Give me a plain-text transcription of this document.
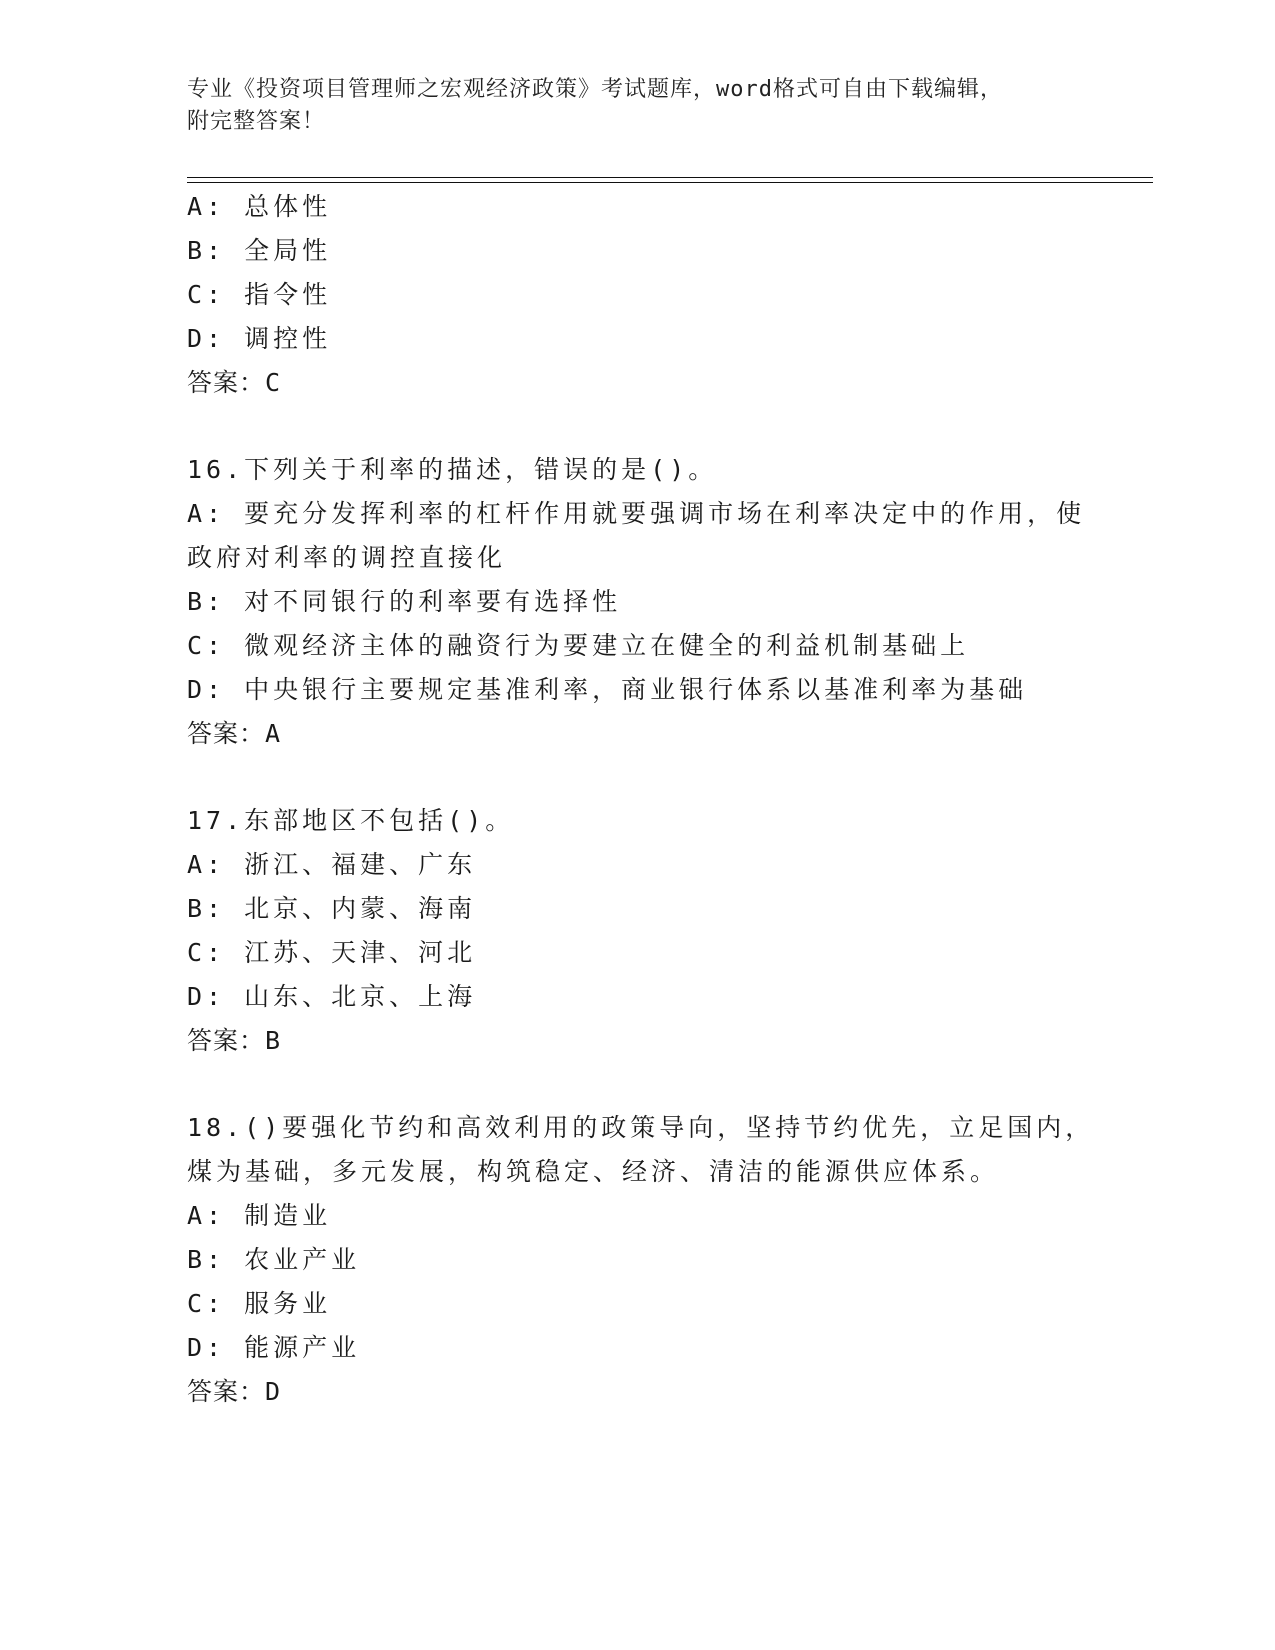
专业《投资项目管理师之宏观经济政策》考试题库，word格式可自由下载编辑，
附完整答案！
A: 总体性
B: 全局性
C: 指令性
D: 调控性
答案：C
16.下列关于利率的描述，错误的是()。
A: 要充分发挥利率的杠杆作用就要强调市场在利率决定中的作用，使
政府对利率的调控直接化
B: 对不同银行的利率要有选择性
C: 微观经济主体的融资行为要建立在健全的利益机制基础上
D: 中央银行主要规定基准利率，商业银行体系以基准利率为基础
答案：A
17.东部地区不包括()。
A: 浙江、福建、广东
B: 北京、内蒙、海南
C: 江苏、天津、河北
D: 山东、北京、上海
答案：B
18.()要强化节约和高效利用的政策导向，坚持节约优先，立足国内，
煤为基础，多元发展，构筑稳定、经济、清洁的能源供应体系。
A: 制造业
B: 农业产业
C: 服务业
D: 能源产业
答案：D
